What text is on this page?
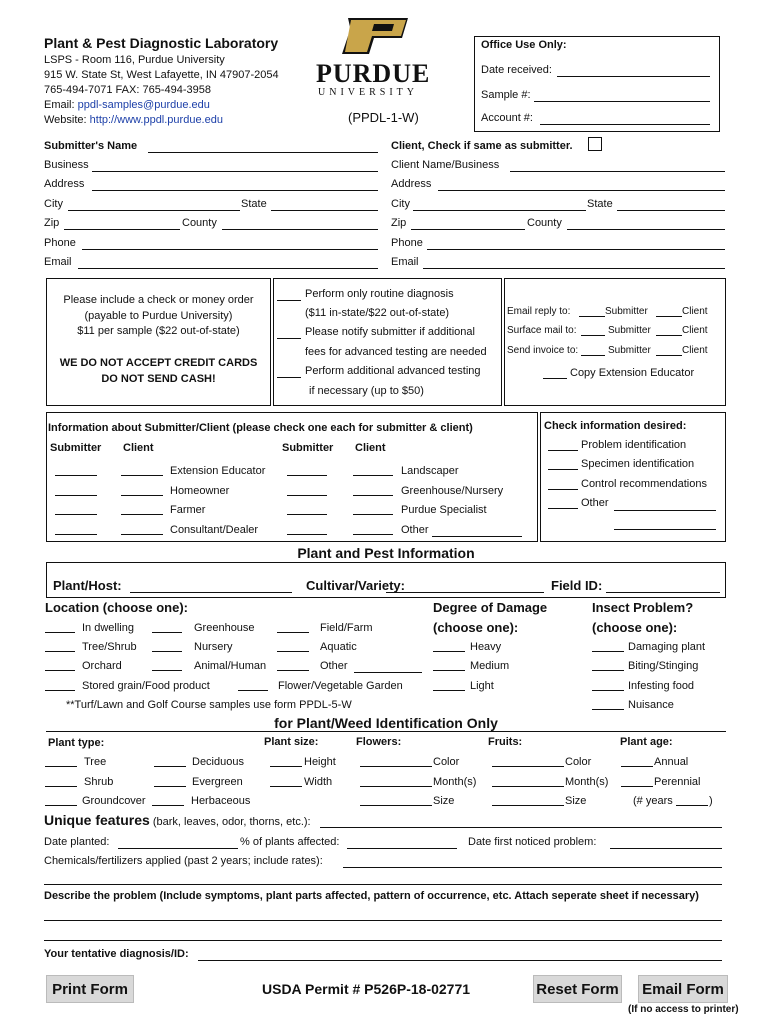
Plant & Pest Diagnostic Laboratory
LSPS - Room 116, Purdue University
915 W. State St, West Lafayette, IN 47907-2054
765-494-7071 FAX: 765-494-3958
Email: ppdl-samples@purdue.edu
Website: http://www.ppdl.purdue.edu
PURDUE
UNIVERSITY
(PPDL-1-W)
Office Use Only:
Date received:
Sample #:
Account #:
Submitter's Name
Business
Address
City	State
Zip	County
Phone
Email
Client, Check if same as submitter.
Client Name/Business
Address
City	State
Zip	County
Phone
Email
Please include a check or money order
(payable to Purdue University)
$11 per sample ($22 out-of-state)
WE DO NOT ACCEPT CREDIT CARDS
DO NOT SEND CASH!
Perform only routine diagnosis
($11 in-state/$22 out-of-state)
Please notify submitter if additional
fees for advanced testing are needed
Perform additional advanced testing
if necessary (up to $50)
Email reply to:	Submitter	Client
Surface mail to:	Submitter	Client
Send invoice to:	Submitter	Client
Copy Extension Educator
Information about Submitter/Client (please check one each for submitter & client)
Submitter Client	Submitter Client
Extension Educator
Homeowner
Farmer
Consultant/Dealer
Landscaper
Greenhouse/Nursery
Purdue Specialist
Other
Check information desired:
Problem identification
Specimen identification
Control recommendations
Other
Plant and Pest Information
Plant/Host:	Cultivar/Variety:	Field ID:
Location (choose one):
In dwelling
Tree/Shrub
Orchard
Stored grain/Food product
Greenhouse
Nursery
Animal/Human
Flower/Vegetable Garden
Field/Farm
Aquatic
Other
**Turf/Lawn and Golf Course samples use form PPDL-5-W
Degree of Damage
(choose one):
Heavy
Medium
Light
Insect Problem?
(choose one):
Damaging plant
Biting/Stinging
Infesting food
Nuisance
for Plant/Weed Identification Only
Plant type:
Tree
Shrub
Groundcover
Deciduous
Evergreen
Herbaceous
Plant size:
Height
Width
Flowers:
Color
Month(s)
Size
Fruits:
Color
Month(s)
Size
Plant age:
Annual
Perennial
(# years	)
Unique features (bark, leaves, odor, thorns, etc.):
Date planted:	% of plants affected:	Date first noticed problem:
Chemicals/fertilizers applied (past 2 years; include rates):
Describe the problem (Include symptoms, plant parts affected, pattern of occurrence, etc. Attach seperate sheet if necessary)
Your tentative diagnosis/ID:
Print Form	USDA Permit # P526P-18-02771	Reset Form Email Form
(If no access to printer)
